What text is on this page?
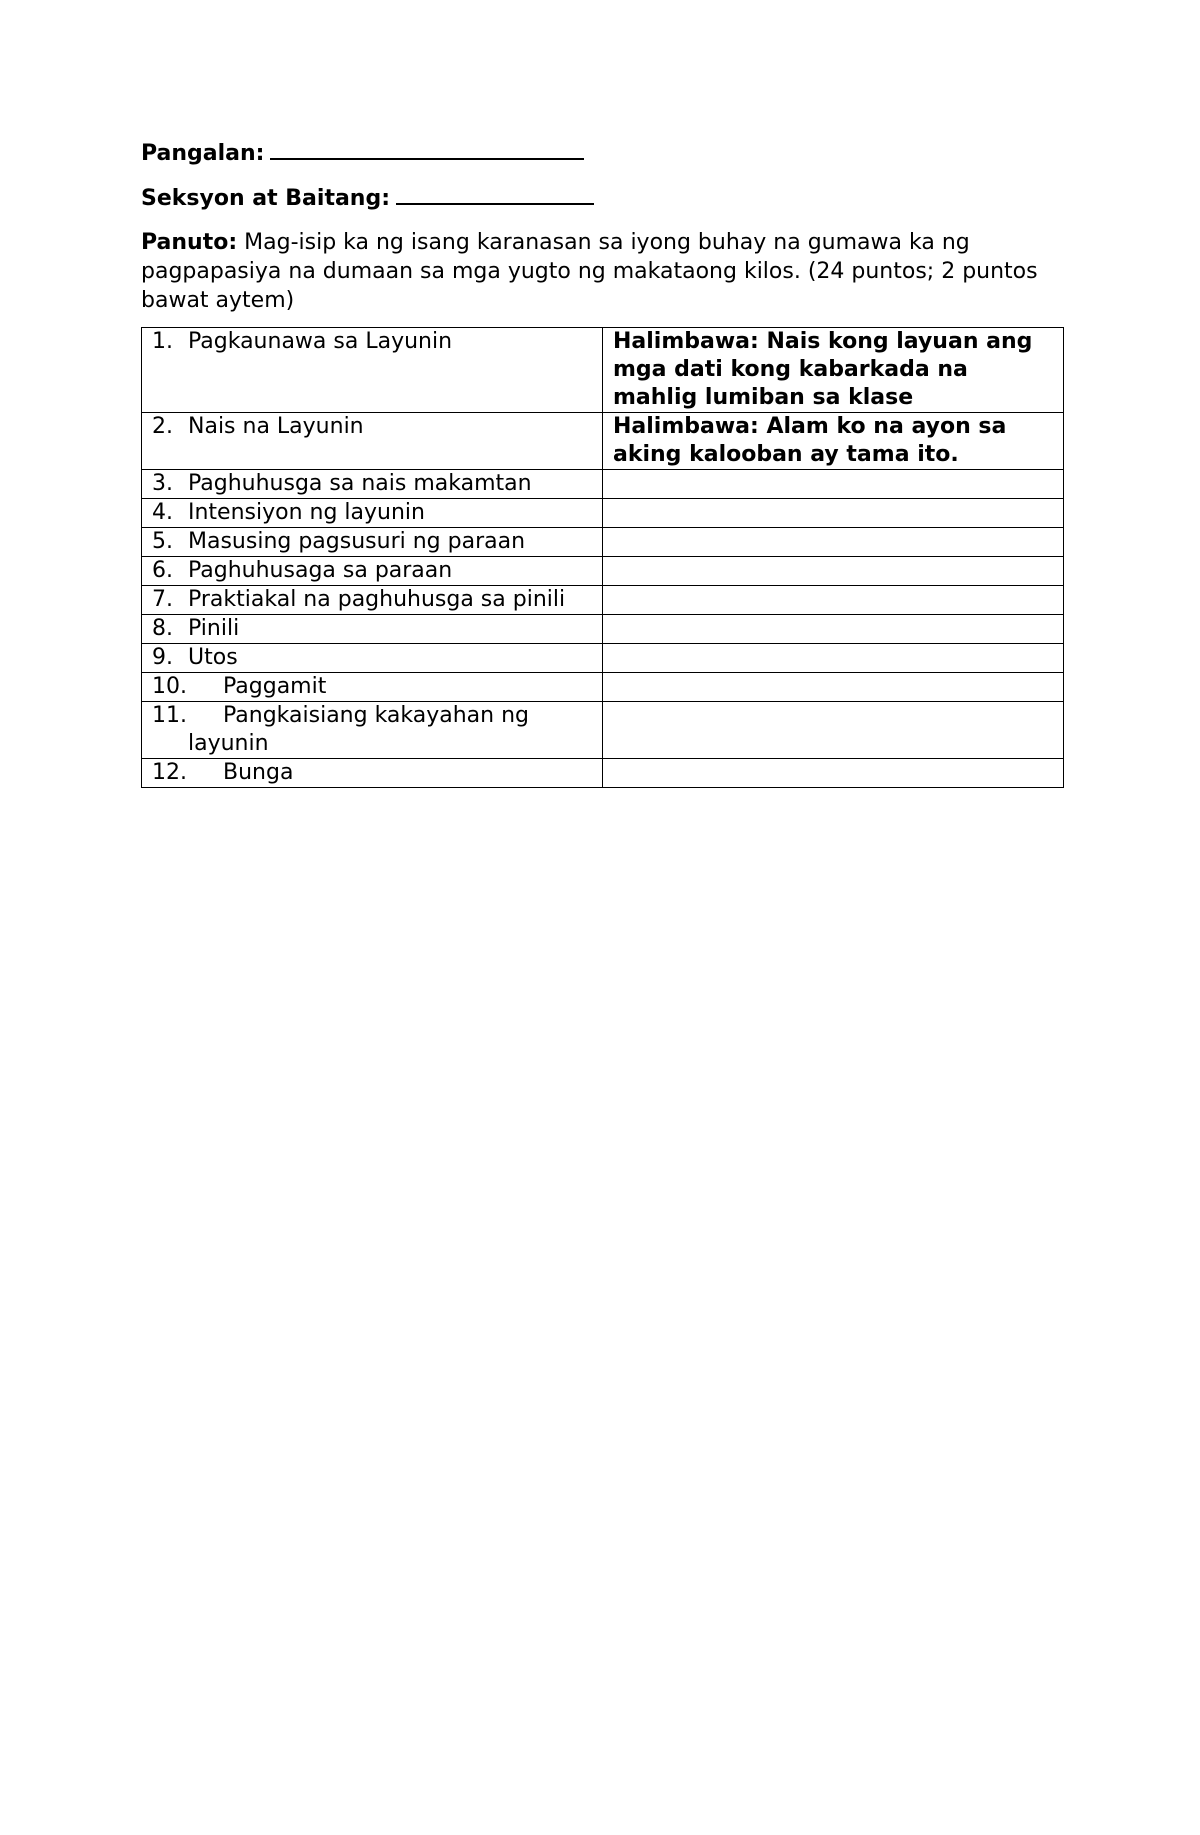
Pangalan:

Seksyon at Baitang:

Panuto: Mag-isip ka ng isang karanasan sa iyong buhay na gumawa ka ng pagpapasiya na dumaan sa mga yugto ng makataong kilos. (24 puntos; 2 puntos bawat aytem)

1. Pagkaunawa sa Layunin	Halimbawa: Nais kong layuan ang mga dati kong kabarkada na mahlig lumiban sa klase

2. Nais na Layunin	Halimbawa: Alam ko na ayon sa aking kalooban ay tama ito.

3. Paghuhusga sa nais makamtan	

4. Intensiyon ng layunin	

5. Masusing pagsusuri ng paraan	

6. Paghuhusaga sa paraan	

7. Praktiakal na paghuhusga sa pinili	

8. Pinili	

9. Utos	

10. Paggamit	

11. Pangkaisiang kakayahan ng layunin	

12. Bunga	
